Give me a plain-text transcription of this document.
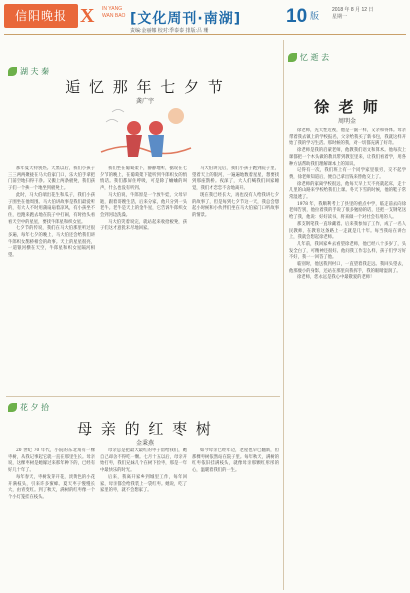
信阳晚报 X	IN YANG
WAN BAO [文化周刊·南湖]
责编:金丽娜 校对:季泰泰 排版:吕 珊
10 版
2018 年 8 月 12 日
星期一
湖 夫 秦
逅 忆 那 年 七 夕 节
龚广宇

那年夏天特别热。天黑以后，我们小孩子三三两两聚拢在马大伯家门口，乐大伯手拿把门前空地扫得干净。又搬上两条板凳，我们孩子们一个挨一个地坐到板凳上。

此时，马大伯端出花生和瓜子，我们小孩子围坐在他周围。马大伯讲故事是我们最爱听的，有大人不时用蒲扇扇着凉风，有小孩坐不住，也跑来跑去地在院子中打闹，有时抬头看看天空中的星星，要找牛郎星和织女星。

七夕节的传说，我们在马大伯那里听过很多遍，每年七夕的晚上，马大伯还会给我们讲牛郎织女鹊桥相会的故事。天上的星星很亮，一道银河横在天空，牛郎星和织女星隔河相望。

我们坐在葡萄架下，静静地听，据说在七夕节的晚上，在葡萄架下能听到牛郎织女的悄悄话。我们都屏住呼吸，可是除了蛐蛐的叫声，什么也没有听到。

马大伯说，牛郎原是一个放牛娃，父母早逝，跟着哥嫂生活，后来分家，他只分到一头老牛。老牛是天上的金牛星，它告诉牛郎织女会到河边洗澡。

马大伯笑着说完，就站起来收拾板凳，孩子们这才意犹未尽地回家。

马大伯讲完后，我们小孩子跑到院子里，望着天上的银河，一遍遍地数着星星，想要找到那座鹊桥。夜深了，大人们喊我们回家睡觉，我们才恋恋不舍地离开。

现在我已经长大，再也没有人给我讲七夕的故事了，但是每到七夕节这一天，我总会想起小时候和小伙伴们坐在马大伯家门口听故事的情景。

花 夕 拾
母 亲 的 红 枣 树
金秉燕

20 世纪 70 年代，小院的东北角有一棵枣树，从我记事起它就一直在那里生长。母亲说，这棵枣树是她嫁过来那年种下的，已经有好几十年了。

每年春天，枣树发芽开花，淡黄色的小花开满枝头，引来许多蜜蜂。夏天枣子慢慢长大，由青变红。到了秋天，满树的红枣像一个个小灯笼挂在枝头。

母亲总是把最大最红的枣子留给我们，她自己却舍不得吃一颗。七月十五以后，母亲开始打枣，我们兄妹几个在树下捡枣，那是一年中最快乐的时光。

后来，我离开家乡到城里工作，每年回家，母亲都会给我装上一袋红枣。她说，吃了家里的枣，就不会想家了。

如今母亲已经年迈，老屋也早已翻新，但那棵枣树依然站在院子里。每年秋天，满树的红枣依旧挂满枝头，就像母亲那颗红彤彤的心，温暖着我们的一生。

忆 逝 去
徐 老 师
周明金

徐老师，先天性近视，他是一副一样，又亲和得体。母亲带着我去镇上的学校报名，父亲给我买了新书包，我就这样开始了我的学习生活。那时候的我，对一切都充满了好奇。

徐老师是我的启蒙老师，他教我们语文和算术。他每次上课都把一个木头做的教具带到教室里来，让我们看着学，用各种方法帮助我们理解课本上的知识。

记得有一次，我们班上有一个同学家里很穷，交不起学费，徐老师知道后，便自己拿出钱来替他交上了。

徐老师的家离学校很远，他每天早上天不亮就起床，走十几里的山路来学校给我们上课。冬天下雪的时候，他的鞋子常常湿透了。

1978 年，我顺利考上了县里的重点中学，临走前去向徐老师告别，他拉着我的手说了很多勉励的话，还把一支钢笔送给了我，他说：好好读书，将来做一个对社会有用的人。

那支钢笔我一直珍藏着。后来我参加了工作，成了一名人民教师，在教育这条路上一走就是几十年。每当我站在讲台上，我就会想起徐老师。

几年前，我回家乡去看望徐老师，他已经八十多岁了，头发全白了，可精神还很好。他问我工作怎么样，孩子们学习好不好，我一一回答了他。

临别时，他送我到村口，一直望着我走远。我回头望去，他那瘦小的身影，还站在那里向我挥手，我的眼睛湿润了。

徐老师，您永远是我心中最敬爱的老师！
